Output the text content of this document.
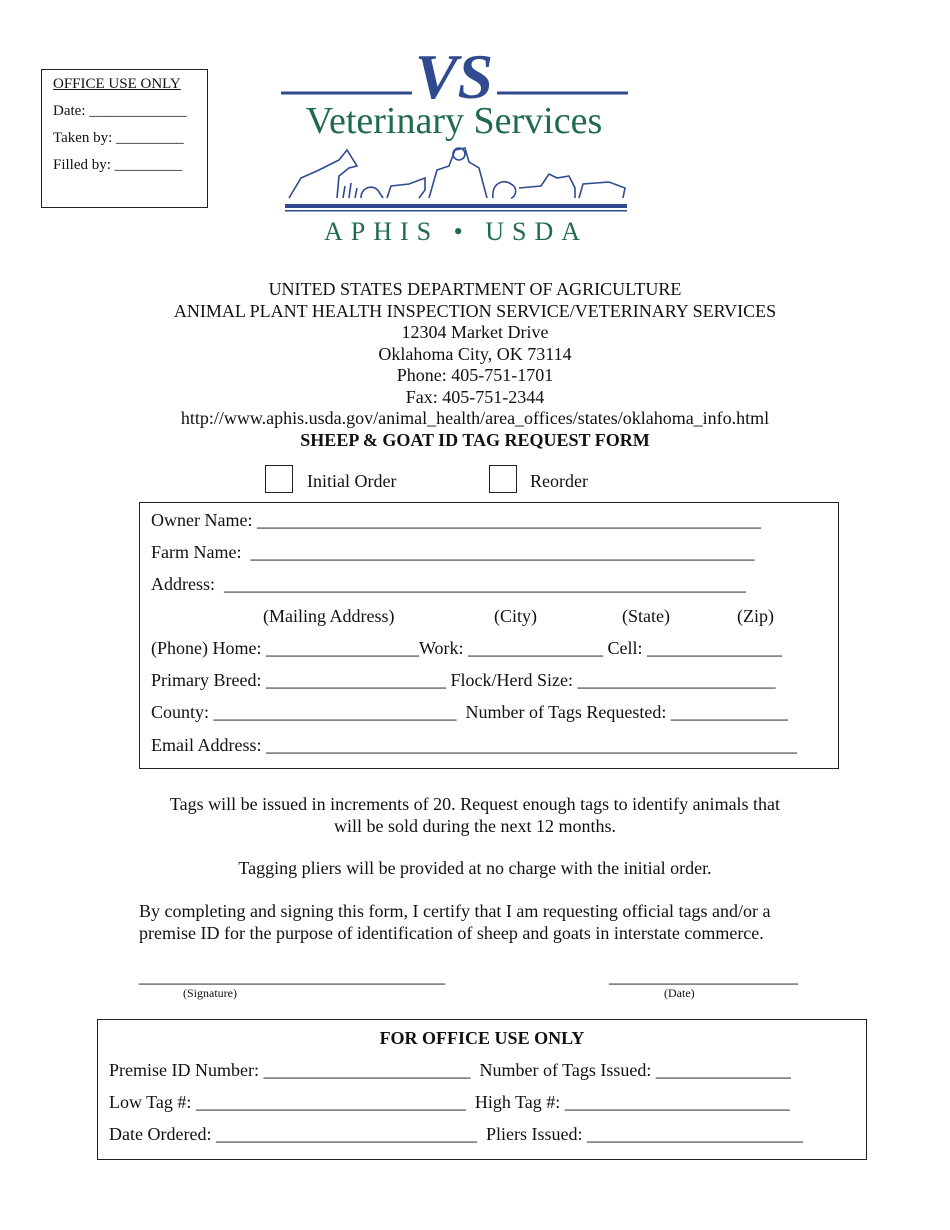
OFFICE USE ONLY
Date: _____________
Taken by: _________
Filled by: _________
VS
Veterinary Services
APHIS • USDA
UNITED STATES DEPARTMENT OF AGRICULTURE
ANIMAL PLANT HEALTH INSPECTION SERVICE/VETERINARY SERVICES
12304 Market Drive
Oklahoma City, OK 73114
Phone: 405-751-1701
Fax: 405-751-2344
http://www.aphis.usda.gov/animal_health/area_offices/states/oklahoma_info.html
SHEEP & GOAT ID TAG REQUEST FORM
Initial Order	Reorder
Owner Name: ________________________________________________________
Farm Name:  ________________________________________________________
Address:  __________________________________________________________
(Mailing Address)	(City)	(State)	(Zip)
(Phone) Home: _________________Work: _______________ Cell: _______________
Primary Breed: ____________________ Flock/Herd Size: ______________________
County: ___________________________  Number of Tags Requested: _____________
Email Address: ___________________________________________________________
Tags will be issued in increments of 20. Request enough tags to identify animals that
will be sold during the next 12 months.
Tagging pliers will be provided at no charge with the initial order.
By completing and signing this form, I certify that I am requesting official tags and/or a
premise ID for the purpose of identification of sheep and goats in interstate commerce.
__________________________________
(Signature)
_____________________
(Date)
FOR OFFICE USE ONLY
Premise ID Number: _______________________  Number of Tags Issued: _______________
Low Tag #: ______________________________  High Tag #: _________________________
Date Ordered: _____________________________  Pliers Issued: ________________________
